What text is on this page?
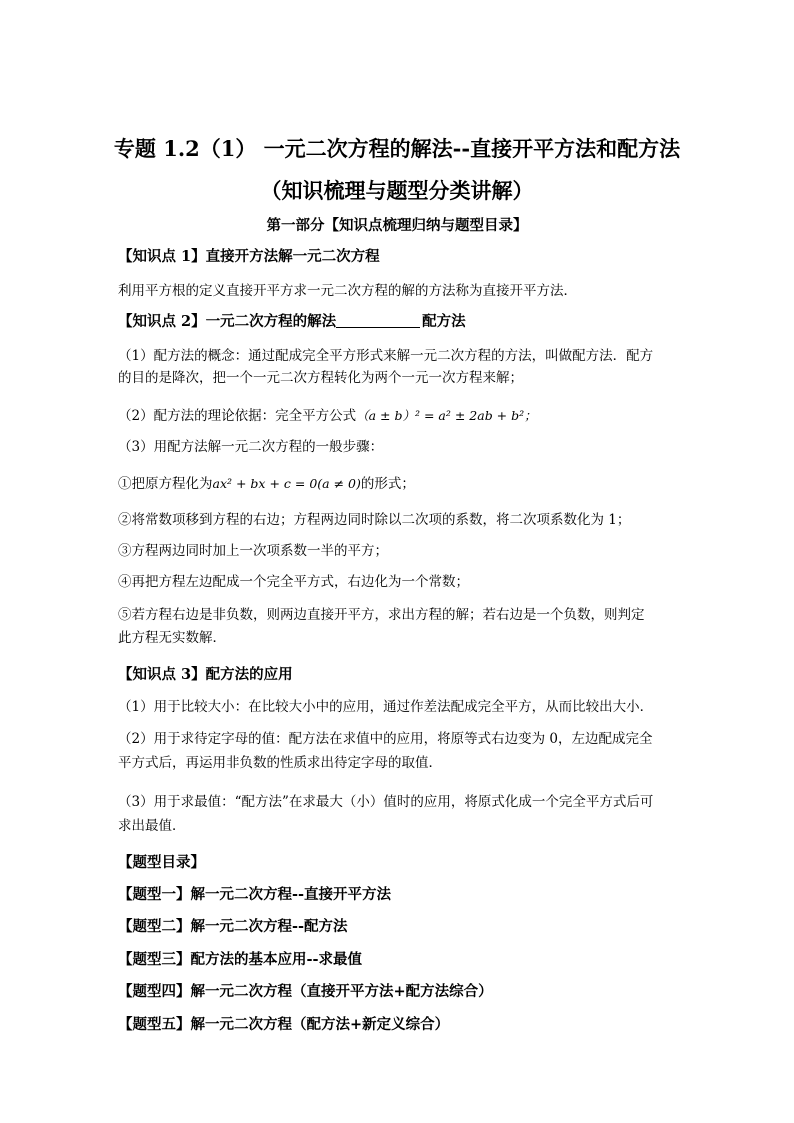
专题 1.2（1） 一元二次方程的解法--直接开平方法和配方法
（知识梳理与题型分类讲解）
第一部分【知识点梳理归纳与题型目录】
【知识点 1】直接开方法解一元二次方程
利用平方根的定义直接开平方求一元二次方程的解的方法称为直接开平方法．
【知识点 2】一元二次方程的解法	配方法
（1）配方法的概念：通过配成完全平方形式来解一元二次方程的方法，叫做配方法．配方
的目的是降次，把一个一元二次方程转化为两个一元一次方程来解；
（2）配方法的理论依据：完全平方公式（a ± b）² = a² ± 2ab + b²；
（3）用配方法解一元二次方程的一般步骤：
①把原方程化为ax² + bx + c = 0(a ≠ 0)的形式；
②将常数项移到方程的右边；方程两边同时除以二次项的系数，将二次项系数化为 1；
③方程两边同时加上一次项系数一半的平方；
④再把方程左边配成一个完全平方式，右边化为一个常数；
⑤若方程右边是非负数，则两边直接开平方，求出方程的解；若右边是一个负数，则判定
此方程无实数解．
【知识点 3】配方法的应用
（1）用于比较大小：在比较大小中的应用，通过作差法配成完全平方，从而比较出大小．
（2）用于求待定字母的值：配方法在求值中的应用，将原等式右边变为 0，左边配成完全
平方式后，再运用非负数的性质求出待定字母的取值．
（3）用于求最值：“配方法”在求最大（小）值时的应用，将原式化成一个完全平方式后可
求出最值．
【题型目录】
【题型一】解一元二次方程--直接开平方法
【题型二】解一元二次方程--配方法
【题型三】配方法的基本应用--求最值
【题型四】解一元二次方程（直接开平方法+配方法综合）
【题型五】解一元二次方程（配方法+新定义综合）
